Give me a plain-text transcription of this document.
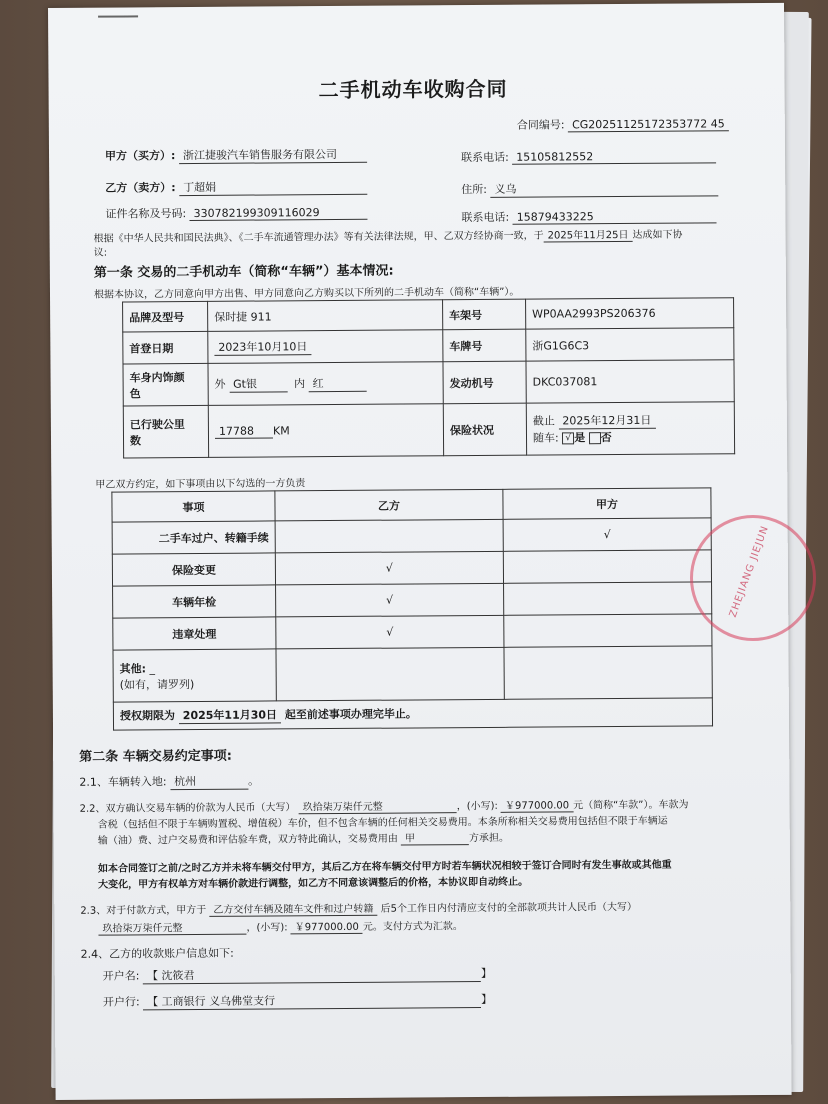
二手机动车收购合同
合同编号: CG20251125172353772 45
甲方（买方）: 浙江捷骏汽车销售服务有限公司	联系电话: 15105812552
乙方（卖方）: 丁超娟	住所: 义乌
证件名称及号码: 330782199309116029	联系电话: 15879433225
根据《中华人民共和国民法典》、《二手车流通管理办法》等有关法律法规，甲、乙双方经协商一致，于 2025年11月25日 达成如下协
议:
第一条 交易的二手机动车（简称“车辆”）基本情况:
根据本协议，乙方同意向甲方出售、甲方同意向乙方购买以下所列的二手机动车（简称“车辆”）。
品牌及型号	保时捷 911	车架号	WP0AA2993PS206376
首登日期	2023年10月10日	车牌号	浙G1G6C3
车身内饰颜
色	外 Gt银 内 红	发动机号	DKC037081
已行驶公里
数	17788 KM	保险状况	截止 2025年12月31日
随车: √ 是 否
甲乙双方约定，如下事项由以下勾选的一方负责
事项	乙方	甲方
二手车过户、转籍手续		√
保险变更	√	
车辆年检	√	
违章处理	√	
其他: _
(如有，请罗列)		
授权期限为 2025年11月30日 起至前述事项办理完毕止。		
第二条 车辆交易约定事项:
2.1、车辆转入地: 杭州	。
2.2、双方确认交易车辆的价款为人民币（大写） 玖拾柒万柒仟元整	，(小写): ￥977000.00 元（简称“车款”）。车款为
含税（包括但不限于车辆购置税、增值税）车价，但不包含车辆的任何相关交易费用。本条所称相关交易费用包括但不限于车辆运
输（油）费、过户交易费和评估验车费，双方特此确认，交易费用由 甲	方承担。
如本合同签订之前/之时乙方并未将车辆交付甲方，其后乙方在将车辆交付甲方时若车辆状况相较于签订合同时有发生事故或其他重
大变化，甲方有权单方对车辆价款进行调整，如乙方不同意该调整后的价格，本协议即自动终止。
2.3、对于付款方式，甲方于 乙方交付车辆及随车文件和过户转籍 后5个工作日内付清应支付的全部款项共计人民币（大写）
玖拾柒万柒仟元整	，(小写): ￥977000.00 元。支付方式为汇款。
2.4、乙方的收款账户信息如下:
开户名: 【 沈筱君	】
开户行: 【 工商银行 义乌佛堂支行	】
ZHEJIANG JIEJUN
